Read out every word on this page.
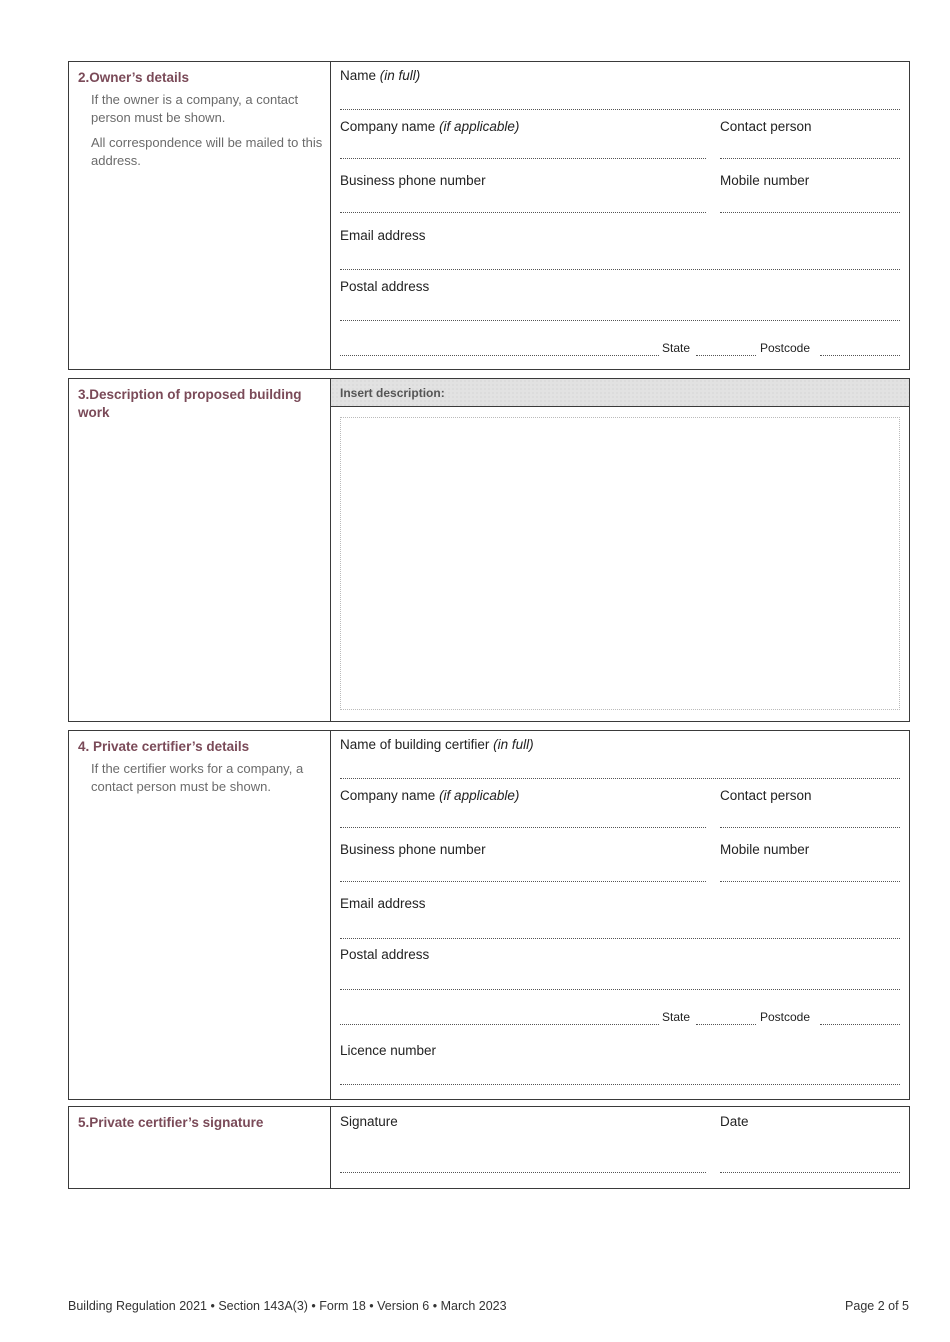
2.Owner’s details
If the owner is a company, a contact person must be shown.
All correspondence will be mailed to this address.
Name (in full)
Company name (if applicable)	Contact person
Business phone number	Mobile number
Email address
Postal address
State	Postcode
3.Description of proposed building work
Insert description:
4. Private certifier’s details
If the certifier works for a company, a contact person must be shown.
Name of building certifier (in full)
Company name (if applicable)	Contact person
Business phone number	Mobile number
Email address
Postal address
State	Postcode
Licence number
5.Private certifier’s signature	Signature	Date
Building Regulation 2021 • Section 143A(3) • Form 18 • Version 6 • March 2023	Page 2 of 5
